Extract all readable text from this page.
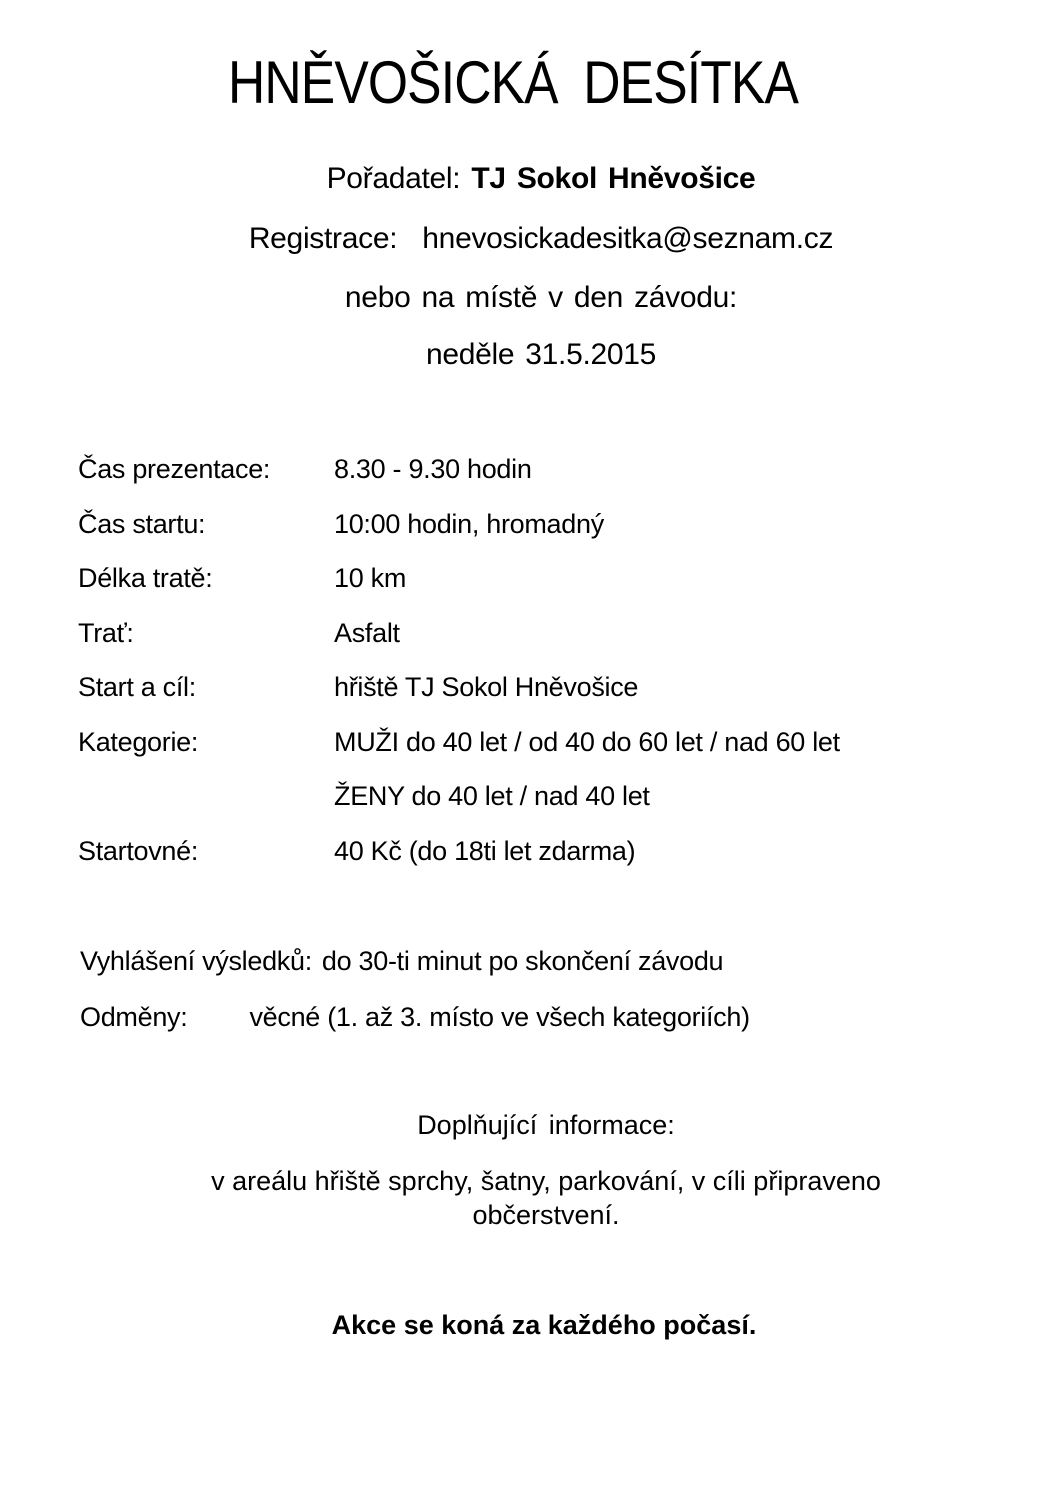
HNĚVOŠICKÁ DESÍTKA
Pořadatel: TJ Sokol Hněvošice
Registrace: hnevosickadesitka@seznam.cz
nebo na místě v den závodu:
neděle 31.5.2015
Čas prezentace: 8.30 - 9.30 hodin
Čas startu:	10:00 hodin, hromadný
Délka tratě:	10 km
Trať:	Asfalt
Start a cíl:	hřiště TJ Sokol Hněvošice
Kategorie:	MUŽI do 40 let / od 40 do 60 let / nad 60 let
ŽENY do 40 let / nad 40 let
Startovné:	40 Kč (do 18ti let zdarma)
Vyhlášení výsledků: do 30-ti minut po skončení závodu
Odměny: věcné (1. až 3. místo ve všech kategoriích)
Doplňující informace:
v areálu hřiště sprchy, šatny, parkování, v cíli připraveno občerstvení.
Akce se koná za každého počasí.
